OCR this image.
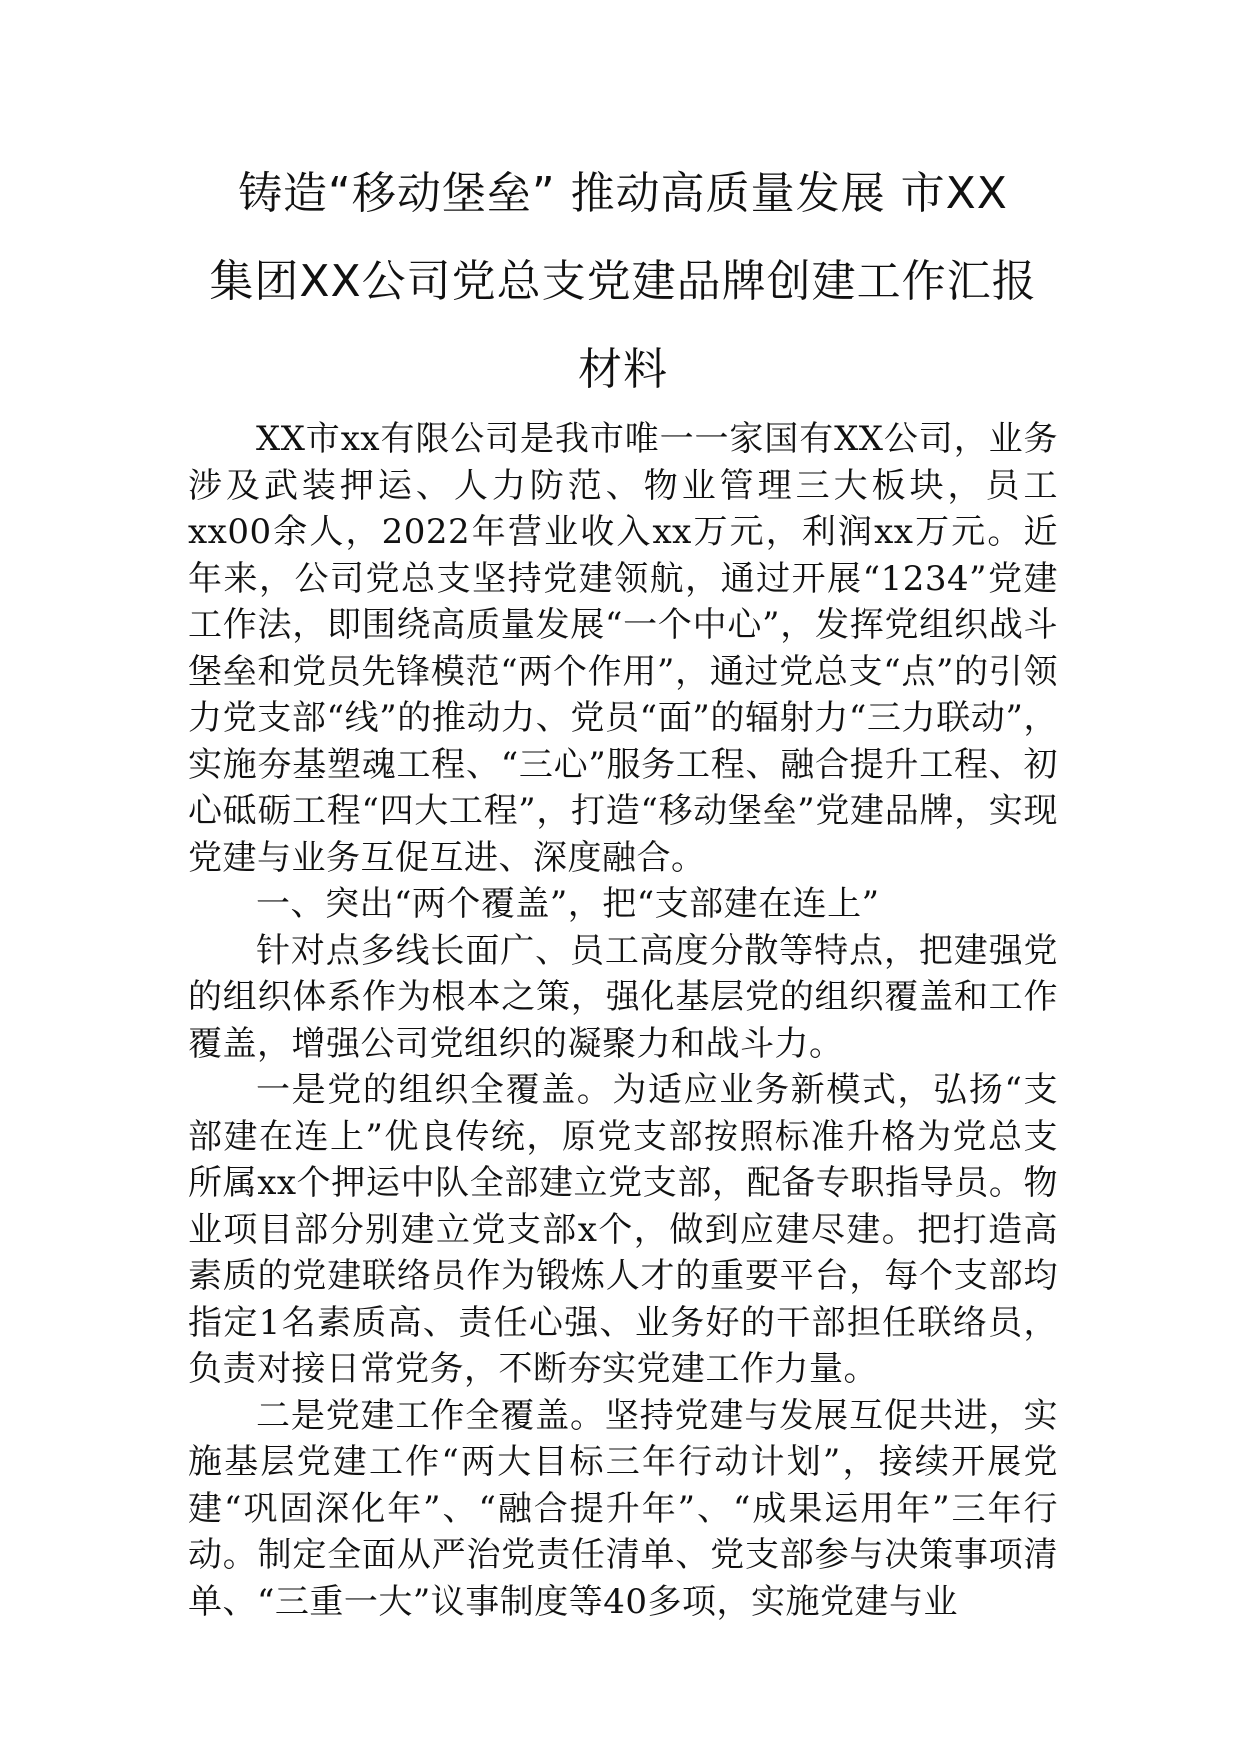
铸造“移动堡垒” 推动高质量发展 市XX
集团XX公司党总支党建品牌创建工作汇报
材料

XX市xx有限公司是我市唯一一家国有XX公司，业务涉及武装押运、人力防范、物业管理三大板块，员工xx00余人，2022年营业收入xx万元，利润xx万元。近年来，公司党总支坚持党建领航，通过开展“1234”党建工作法，即围绕高质量发展“一个中心”，发挥党组织战斗堡垒和党员先锋模范“两个作用”，通过党总支“点”的引领力党支部“线”的推动力、党员“面”的辐射力“三力联动”，实施夯基塑魂工程、“三心”服务工程、融合提升工程、初心砥砺工程“四大工程”，打造“移动堡垒”党建品牌，实现党建与业务互促互进、深度融合。

一、突出“两个覆盖”，把“支部建在连上”

针对点多线长面广、员工高度分散等特点，把建强党的组织体系作为根本之策，强化基层党的组织覆盖和工作覆盖，增强公司党组织的凝聚力和战斗力。

一是党的组织全覆盖。为适应业务新模式，弘扬“支部建在连上”优良传统，原党支部按照标准升格为党总支所属xx个押运中队全部建立党支部，配备专职指导员。物业项目部分别建立党支部x个，做到应建尽建。把打造高素质的党建联络员作为锻炼人才的重要平台，每个支部均指定1名素质高、责任心强、业务好的干部担任联络员，负责对接日常党务，不断夯实党建工作力量。

二是党建工作全覆盖。坚持党建与发展互促共进，实施基层党建工作“两大目标三年行动计划”，接续开展党建“巩固深化年”、“融合提升年”、“成果运用年”三年行动。制定全面从严治党责任清单、党支部参与决策事项清单、“三重一大”议事制度等40多项，实施党建与业
